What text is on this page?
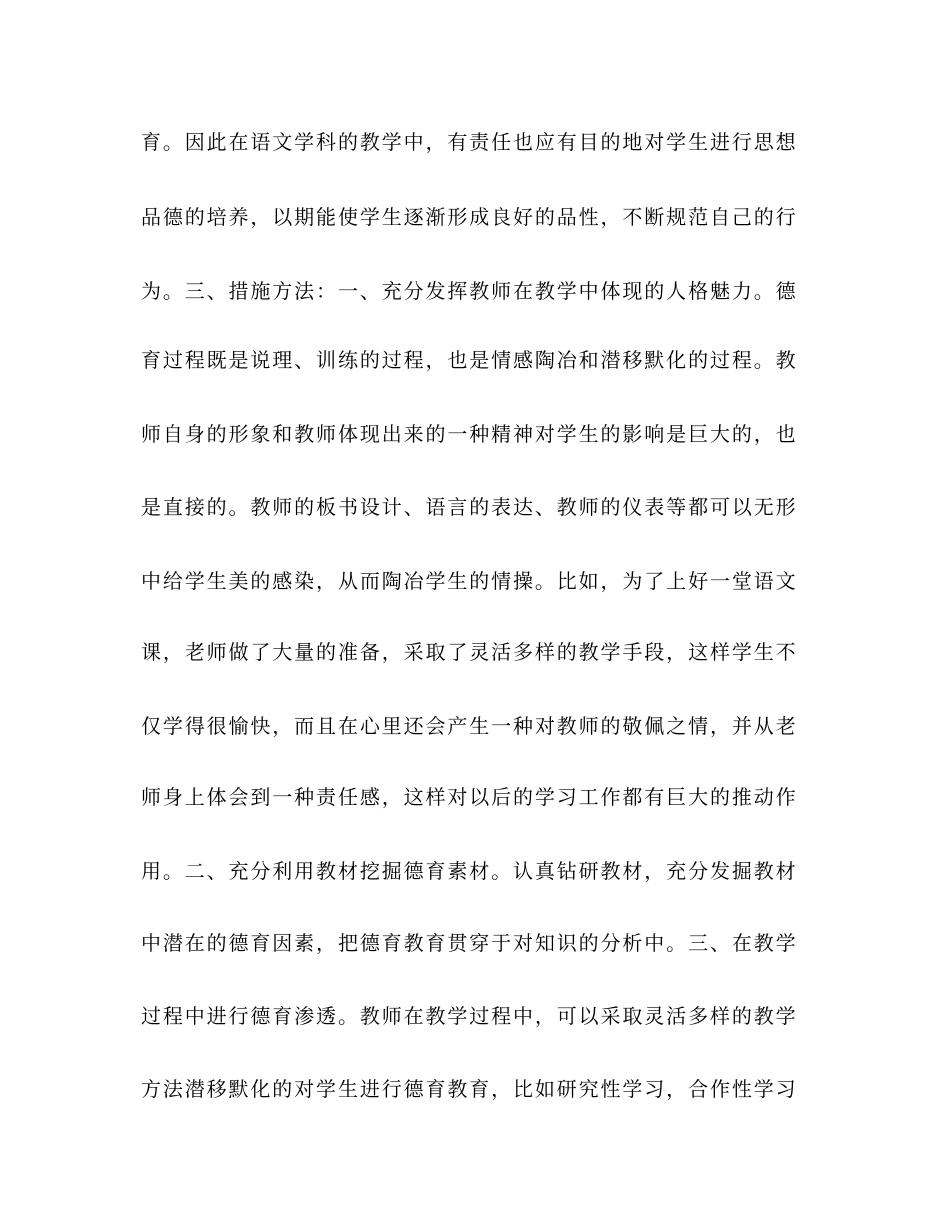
育。因此在语文学科的教学中，有责任也应有目的地对学生进行思想

品德的培养，以期能使学生逐渐形成良好的品性，不断规范自己的行

为。三、措施方法：一、充分发挥教师在教学中体现的人格魅力。德

育过程既是说理、训练的过程，也是情感陶冶和潜移默化的过程。教

师自身的形象和教师体现出来的一种精神对学生的影响是巨大的，也

是直接的。教师的板书设计、语言的表达、教师的仪表等都可以无形

中给学生美的感染，从而陶冶学生的情操。比如，为了上好一堂语文

课，老师做了大量的准备，采取了灵活多样的教学手段，这样学生不

仅学得很愉快，而且在心里还会产生一种对教师的敬佩之情，并从老

师身上体会到一种责任感，这样对以后的学习工作都有巨大的推动作

用。二、充分利用教材挖掘德育素材。认真钻研教材，充分发掘教材

中潜在的德育因素，把德育教育贯穿于对知识的分析中。三、在教学

过程中进行德育渗透。教师在教学过程中，可以采取灵活多样的教学

方法潜移默化的对学生进行德育教育，比如研究性学习，合作性学习
